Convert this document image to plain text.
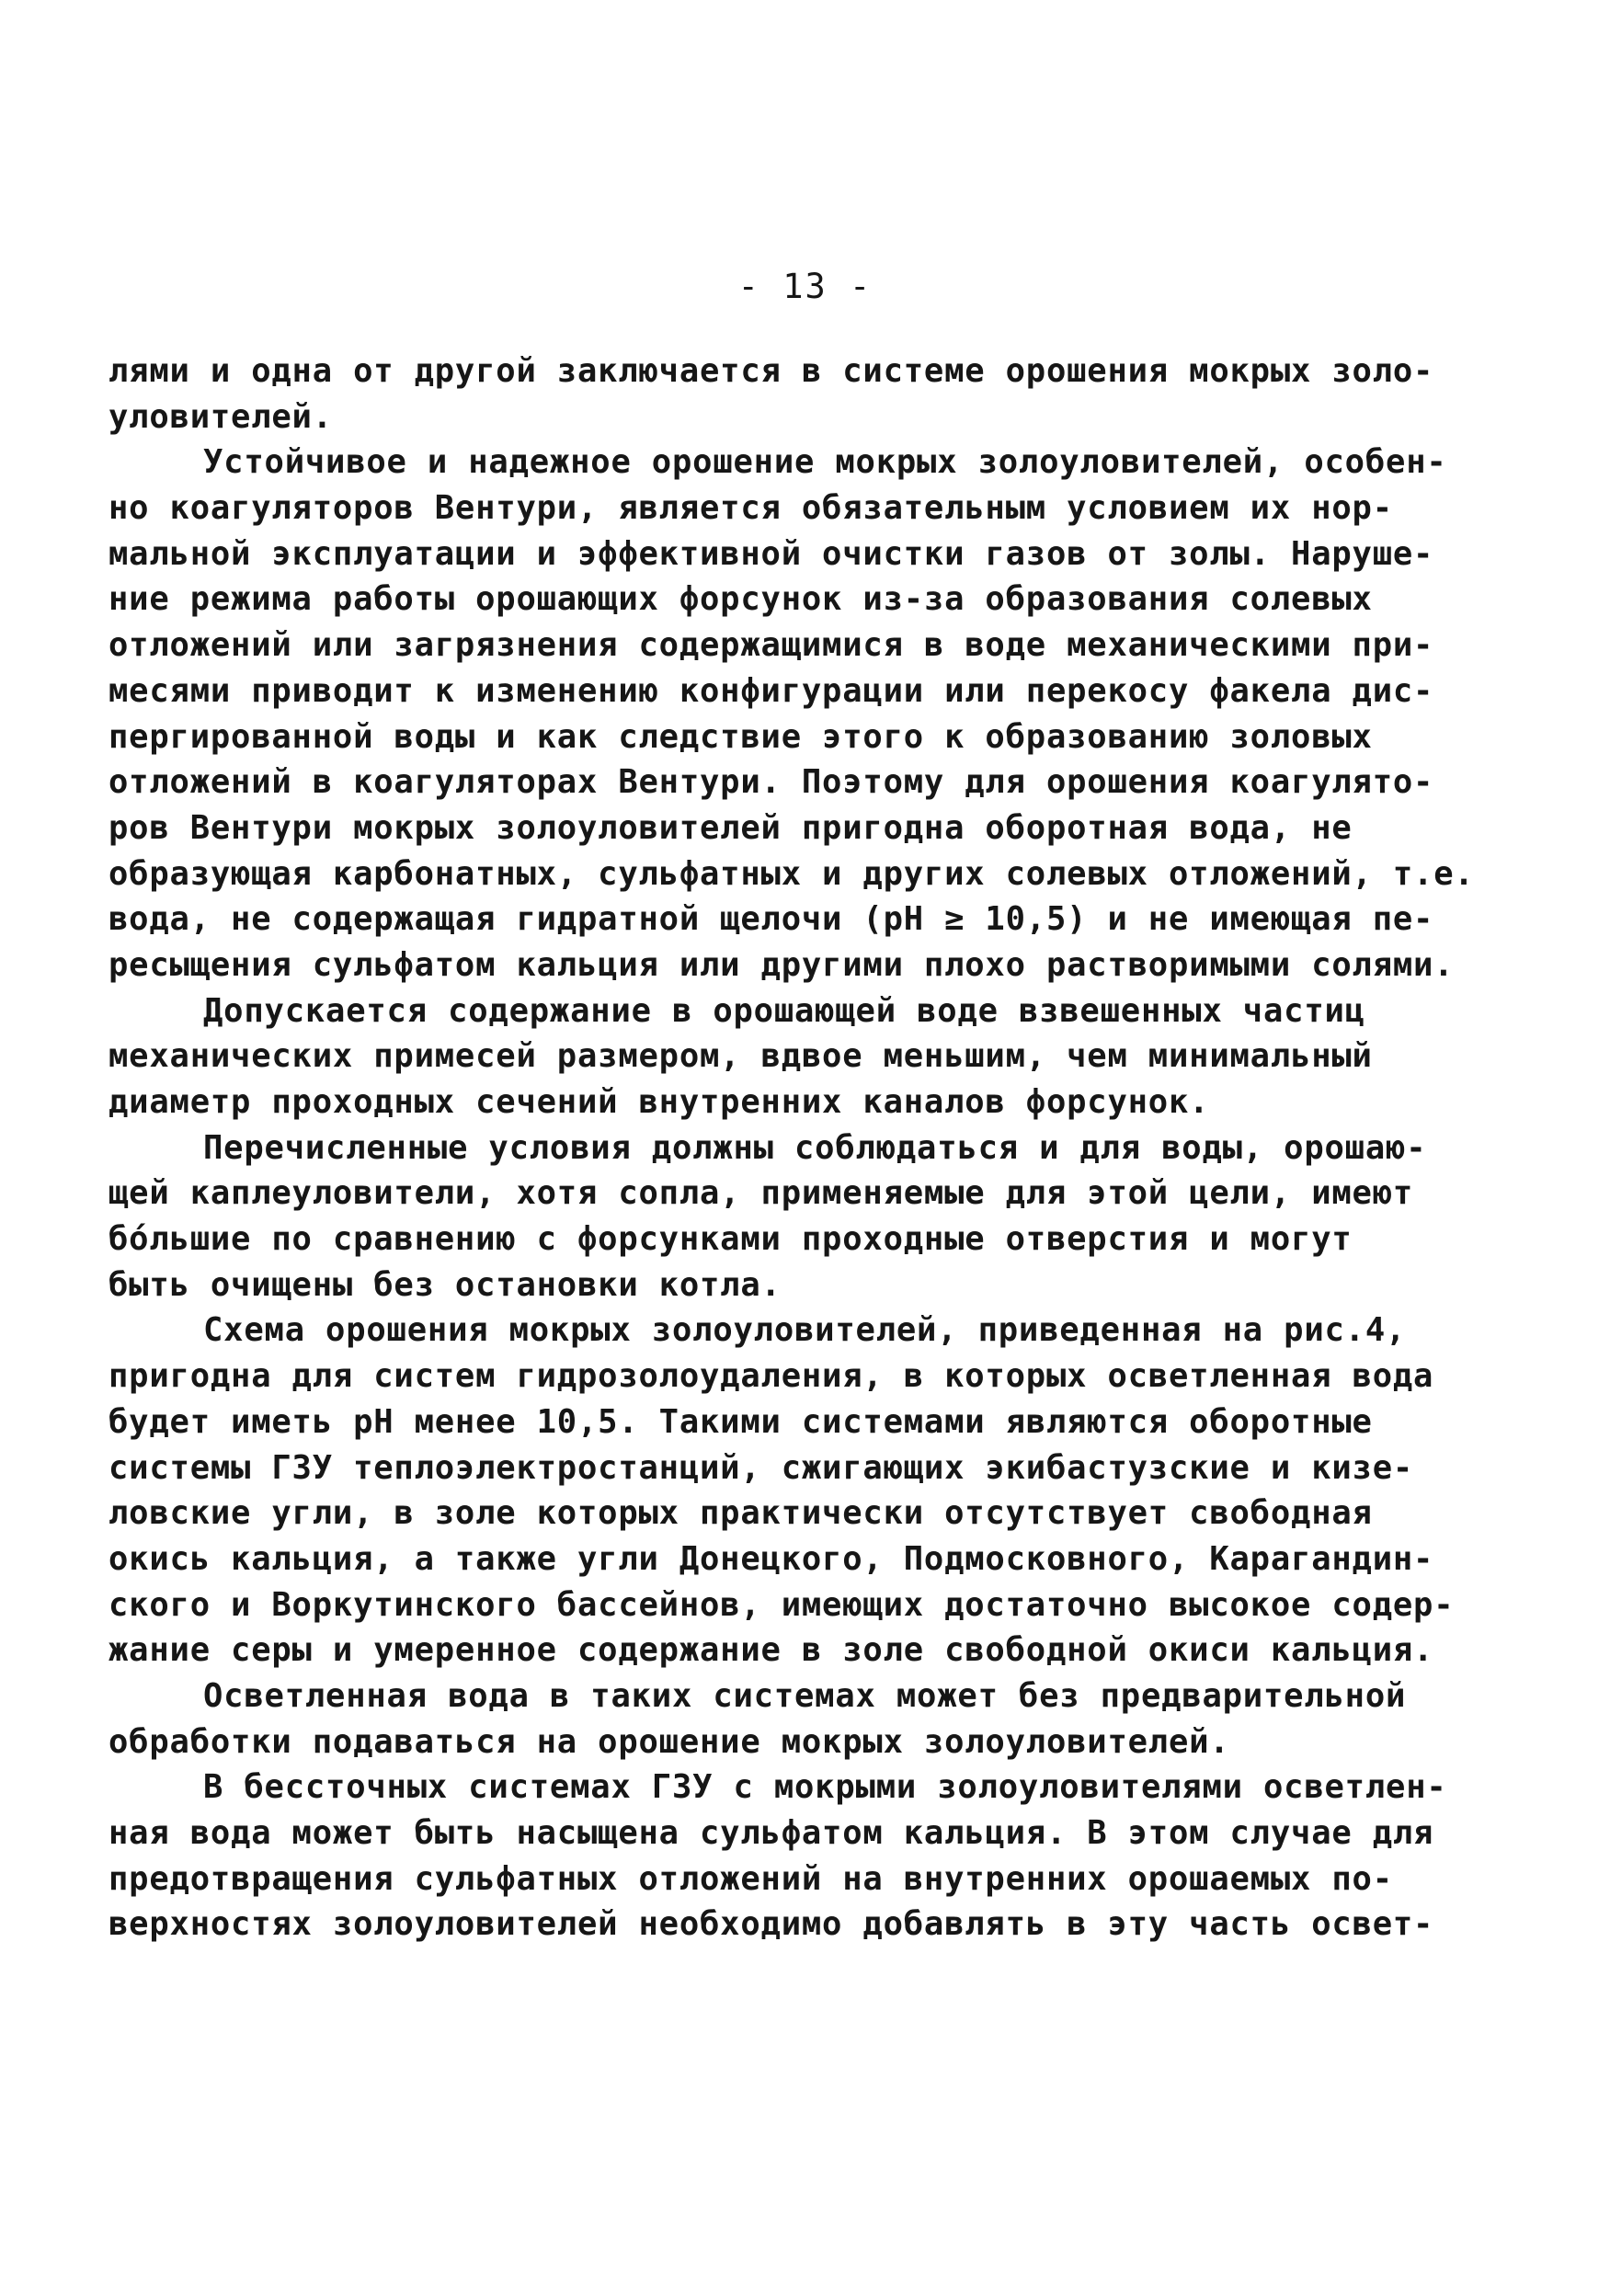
- 13 -
лями и одна от другой заключается в системе орошения мокрых золо-
уловителей.
Устойчивое и надежное орошение мокрых золоуловителей, особен-
но коагуляторов Вентури, является обязательным условием их нор-
мальной эксплуатации и эффективной очистки газов от золы. Наруше-
ние режима работы орошающих форсунок из-за образования солевых
отложений или загрязнения содержащимися в воде механическими при-
месями приводит к изменению конфигурации или перекосу факела дис-
пергированной воды и как следствие этого к образованию золовых
отложений в коагуляторах Вентури. Поэтому для орошения коагулято-
ров Вентури мокрых золоуловителей пригодна оборотная вода, не
образующая карбонатных, сульфатных и других солевых отложений, т.е.
вода, не содержащая гидратной щелочи (pH ≥ 10,5) и не имеющая пе-
ресыщения сульфатом кальция или другими плохо растворимыми солями.
Допускается содержание в орошающей воде взвешенных частиц
механических примесей размером, вдвое меньшим, чем минимальный
диаметр проходных сечений внутренних каналов форсунок.
Перечисленные условия должны соблюдаться и для воды, орошаю-
щей каплеуловители, хотя сопла, применяемые для этой цели, имеют
бóльшие по сравнению с форсунками проходные отверстия и могут
быть очищены без остановки котла.
Схема орошения мокрых золоуловителей, приведенная на рис.4,
пригодна для систем гидрозолоудаления, в которых осветленная вода
будет иметь pH менее 10,5. Такими системами являются оборотные
системы ГЗУ теплоэлектростанций, сжигающих экибастузские и кизе-
ловские угли, в золе которых практически отсутствует свободная
окись кальция, а также угли Донецкого, Подмосковного, Карагандин-
ского и Воркутинского бассейнов, имеющих достаточно высокое содер-
жание серы и умеренное содержание в золе свободной окиси кальция.
Осветленная вода в таких системах может без предварительной
обработки подаваться на орошение мокрых золоуловителей.
В бессточных системах ГЗУ с мокрыми золоуловителями осветлен-
ная вода может быть насыщена сульфатом кальция. В этом случае для
предотвращения сульфатных отложений на внутренних орошаемых по-
верхностях золоуловителей необходимо добавлять в эту часть освет-
